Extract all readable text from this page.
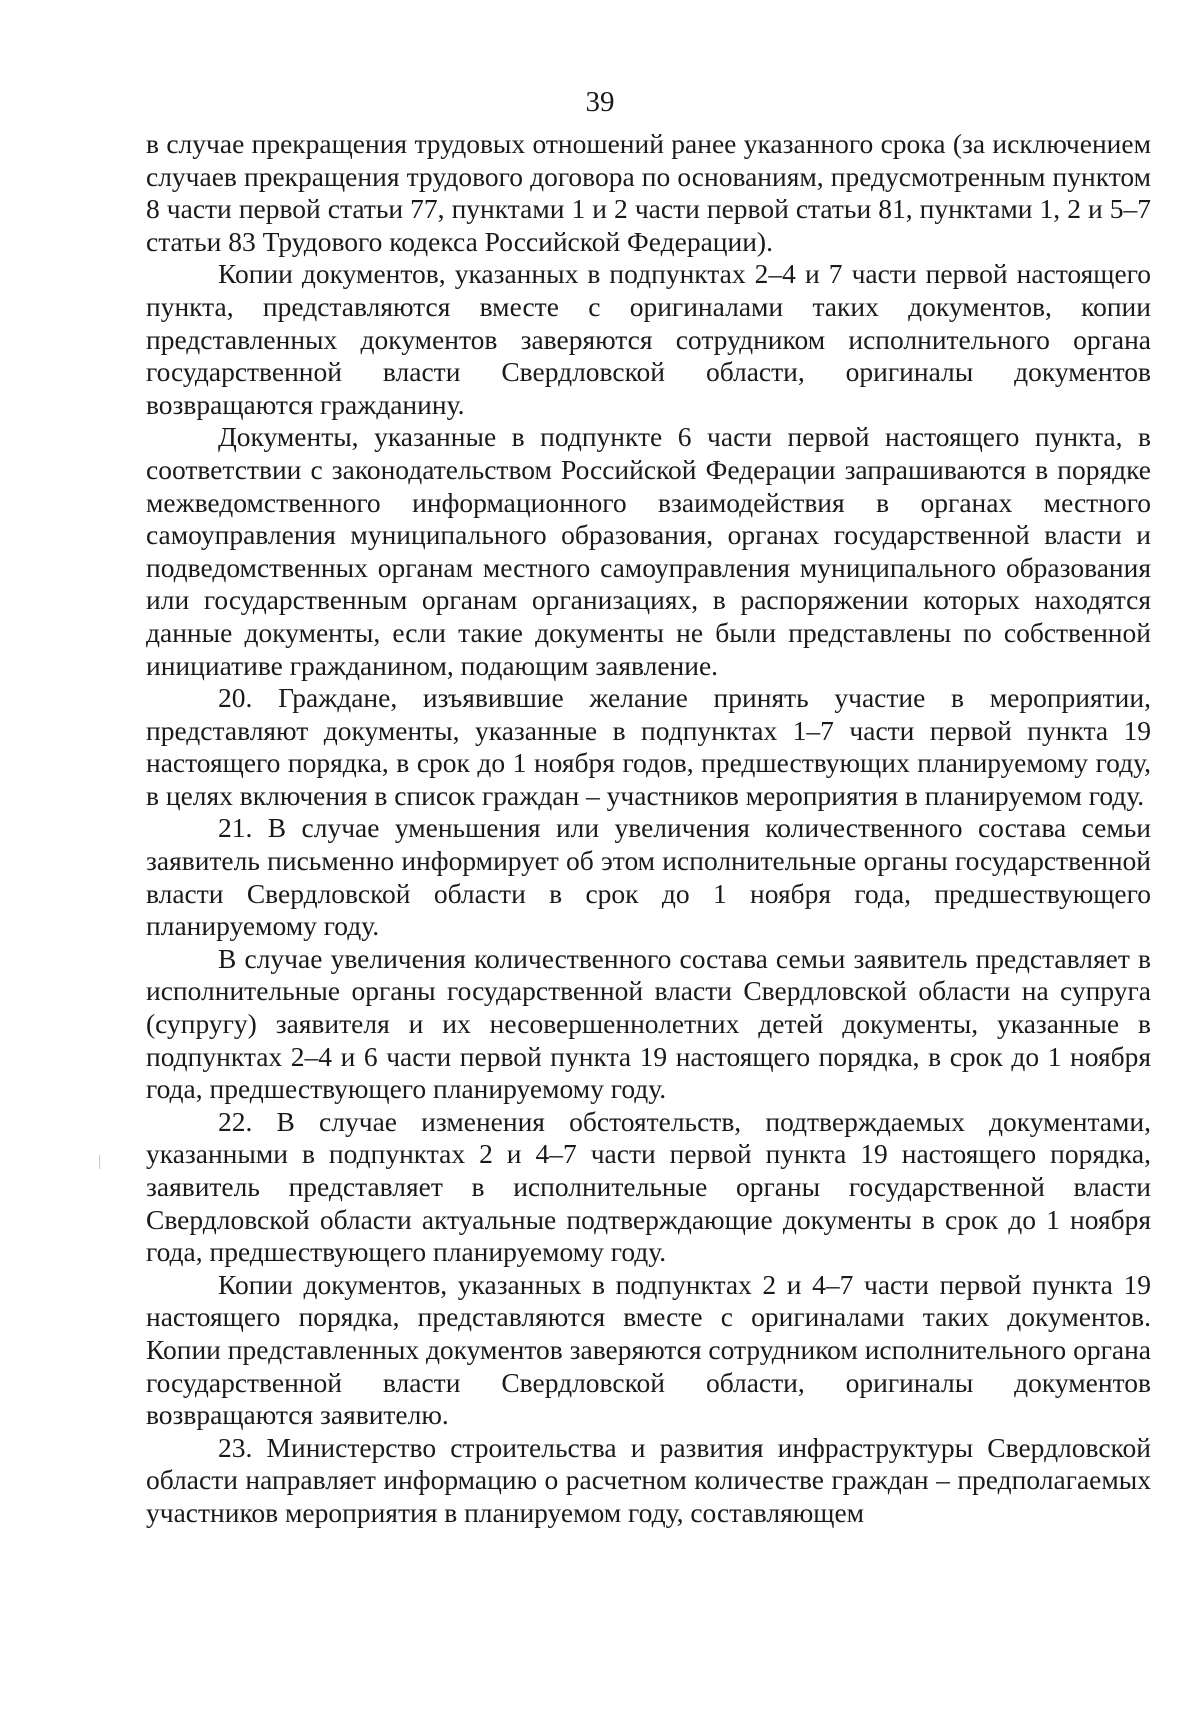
39

в случае прекращения трудовых отношений ранее указанного срока (за исключением случаев прекращения трудового договора по основаниям, предусмотренным пунктом 8 части первой статьи 77, пунктами 1 и 2 части первой статьи 81, пунктами 1, 2 и 5–7 статьи 83 Трудового кодекса Российской Федерации).

Копии документов, указанных в подпунктах 2–4 и 7 части первой настоящего пункта, представляются вместе с оригиналами таких документов, копии представленных документов заверяются сотрудником исполнительного органа государственной власти Свердловской области, оригиналы документов возвращаются гражданину.

Документы, указанные в подпункте 6 части первой настоящего пункта, в соответствии с законодательством Российской Федерации запрашиваются в порядке межведомственного информационного взаимодействия в органах местного самоуправления муниципального образования, органах государственной власти и подведомственных органам местного самоуправления муниципального образования или государственным органам организациях, в распоряжении которых находятся данные документы, если такие документы не были представлены по собственной инициативе гражданином, подающим заявление.

20. Граждане, изъявившие желание принять участие в мероприятии, представляют документы, указанные в подпунктах 1–7 части первой пункта 19 настоящего порядка, в срок до 1 ноября годов, предшествующих планируемому году, в целях включения в список граждан – участников мероприятия в планируемом году.

21. В случае уменьшения или увеличения количественного состава семьи заявитель письменно информирует об этом исполнительные органы государственной власти Свердловской области в срок до 1 ноября года, предшествующего планируемому году.

В случае увеличения количественного состава семьи заявитель представляет в исполнительные органы государственной власти Свердловской области на супруга (супругу) заявителя и их несовершеннолетних детей документы, указанные в подпунктах 2–4 и 6 части первой пункта 19 настоящего порядка, в срок до 1 ноября года, предшествующего планируемому году.

22. В случае изменения обстоятельств, подтверждаемых документами, указанными в подпунктах 2 и 4–7 части первой пункта 19 настоящего порядка, заявитель представляет в исполнительные органы государственной власти Свердловской области актуальные подтверждающие документы в срок до 1 ноября года, предшествующего планируемому году.

Копии документов, указанных в подпунктах 2 и 4–7 части первой пункта 19 настоящего порядка, представляются вместе с оригиналами таких документов. Копии представленных документов заверяются сотрудником исполнительного органа государственной власти Свердловской области, оригиналы документов возвращаются заявителю.

23. Министерство строительства и развития инфраструктуры Свердловской области направляет информацию о расчетном количестве граждан – предполагаемых участников мероприятия в планируемом году, составляющем
